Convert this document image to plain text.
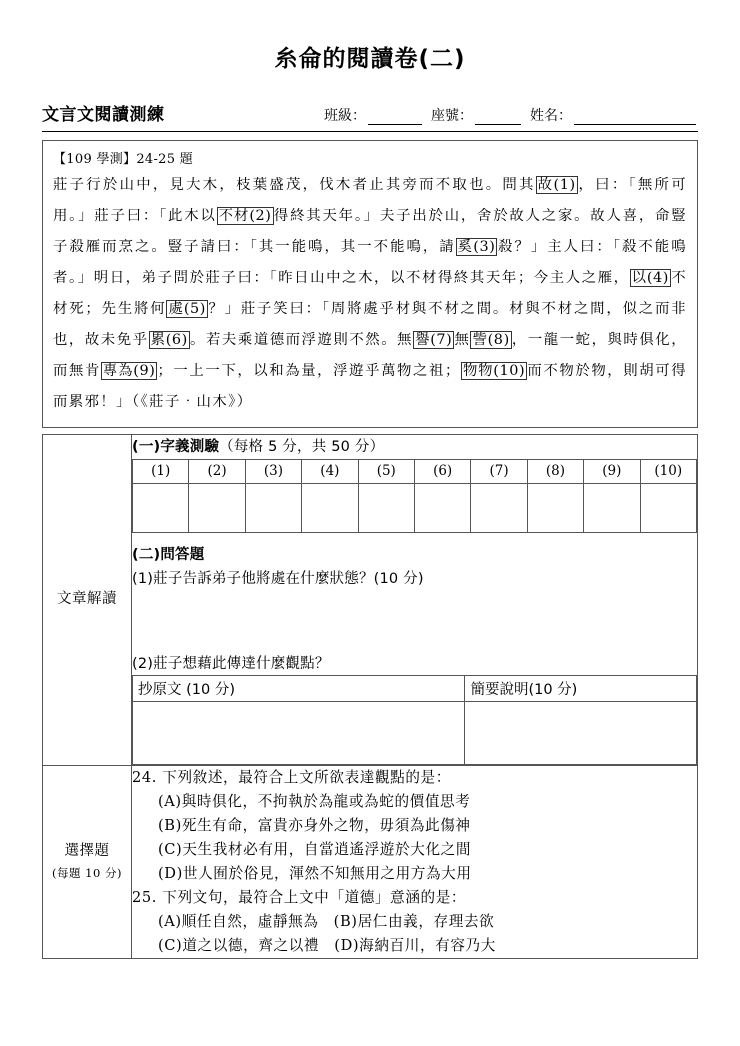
糸侖的閱讀卷(二)
文言文閱讀測練	班級：	座號：	姓名：
【109 學測】24-25 題
莊子行於山中，見大木，枝葉盛茂，伐木者止其旁而不取也。問其 故(1) ，曰：「無所可用。」莊子曰：「此木以 不材(2) 得終其天年。」夫子出於山，舍於故人之家。故人喜，命豎子殺雁而烹之。豎子請曰：「其一能鳴，其一不能鳴，請 奚(3) 殺？」主人曰：「殺不能鳴者。」明日，弟子問於莊子曰：「昨日山中之木，以不材得終其天年；今主人之雁， 以(4) 不材死；先生將何 處(5) ？」莊子笑曰：「周將處乎材與不材之間。材與不材之間，似之而非也，故未免乎 累(6) 。若夫乘道德而浮遊則不然。無 譽(7) 無 訾(8) ，一龍一蛇，與時俱化，而無肯 專為(9) ；一上一下，以和為量，浮遊乎萬物之祖； 物物(10) 而不物於物，則胡可得而累邪！」（《莊子‧山木》）
文章解讀	
(一)字義測驗（每格 5 分，共 50 分）
(1)	(2)	(3)	(4)	(5)	(6)	(7)	(8)	(9)	(10)

(二)問答題
(1)莊子告訴弟子他將處在什麼狀態？(10 分)
(2)莊子想藉此傳達什麼觀點？
抄原文 (10 分)	簡要說明(10 分)

選擇題
(每題 10 分)

24. 下列敘述，最符合上文所欲表達觀點的是：
(A)與時俱化，不拘執於為龍或為蛇的價值思考
(B)死生有命，富貴亦身外之物，毋須為此傷神
(C)天生我材必有用，自當逍遙浮遊於大化之間
(D)世人囿於俗見，渾然不知無用之用方為大用
25. 下列文句，最符合上文中「道德」意涵的是：
(A)順任自然，虛靜無為　(B)居仁由義，存理去欲
(C)道之以德，齊之以禮　(D)海納百川，有容乃大
